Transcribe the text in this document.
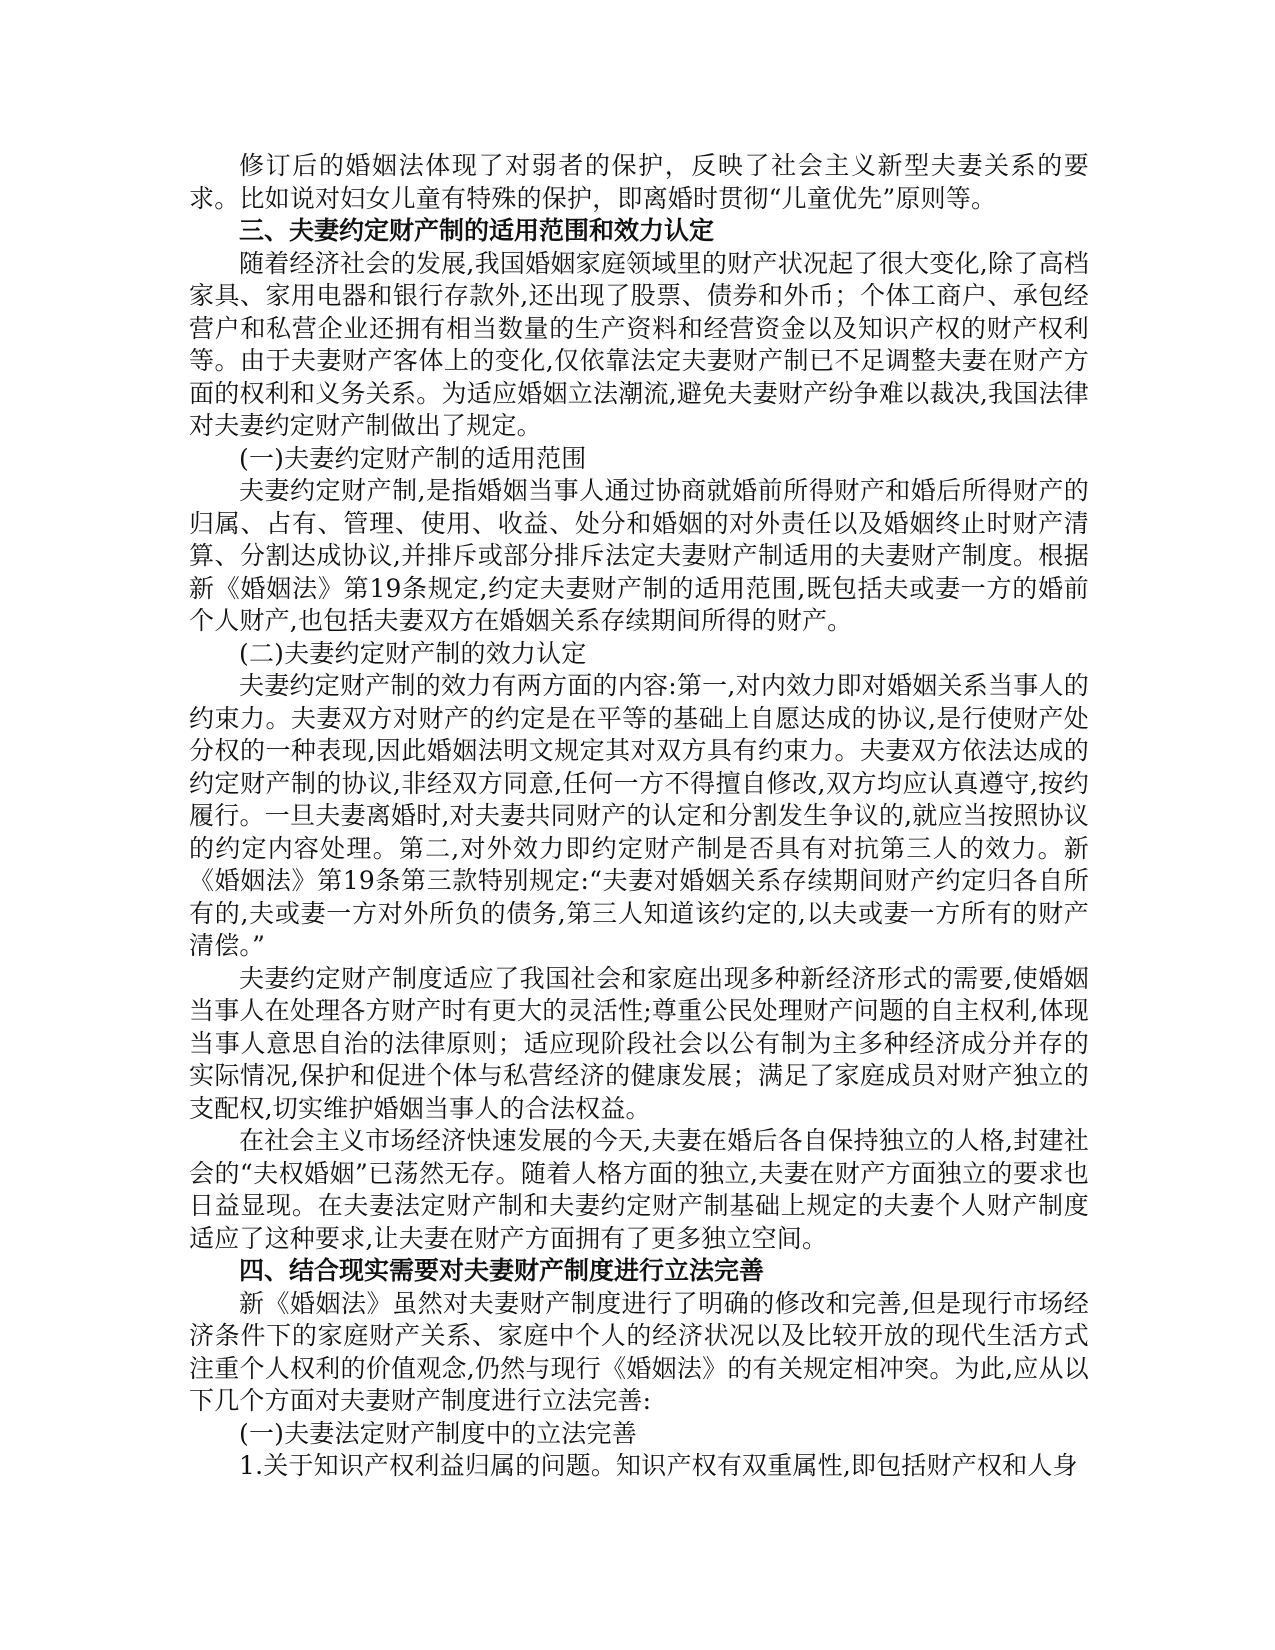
修订后的婚姻法体现了对弱者的保护，反映了社会主义新型夫妻关系的要求。比如说对妇女儿童有特殊的保护，即离婚时贯彻“儿童优先”原则等。

三、夫妻约定财产制的适用范围和效力认定

随着经济社会的发展,我国婚姻家庭领域里的财产状况起了很大变化,除了高档家具、家用电器和银行存款外,还出现了股票、债券和外币；个体工商户、承包经营户和私营企业还拥有相当数量的生产资料和经营资金以及知识产权的财产权利等。由于夫妻财产客体上的变化,仅依靠法定夫妻财产制已不足调整夫妻在财产方面的权利和义务关系。为适应婚姻立法潮流,避免夫妻财产纷争难以裁决,我国法律对夫妻约定财产制做出了规定。

(一)夫妻约定财产制的适用范围

夫妻约定财产制,是指婚姻当事人通过协商就婚前所得财产和婚后所得财产的归属、占有、管理、使用、收益、处分和婚姻的对外责任以及婚姻终止时财产清算、分割达成协议,并排斥或部分排斥法定夫妻财产制适用的夫妻财产制度。根据新《婚姻法》第19条规定,约定夫妻财产制的适用范围,既包括夫或妻一方的婚前个人财产,也包括夫妻双方在婚姻关系存续期间所得的财产。

(二)夫妻约定财产制的效力认定

夫妻约定财产制的效力有两方面的内容:第一,对内效力即对婚姻关系当事人的约束力。夫妻双方对财产的约定是在平等的基础上自愿达成的协议,是行使财产处分权的一种表现,因此婚姻法明文规定其对双方具有约束力。夫妻双方依法达成的约定财产制的协议,非经双方同意,任何一方不得擅自修改,双方均应认真遵守,按约履行。一旦夫妻离婚时,对夫妻共同财产的认定和分割发生争议的,就应当按照协议的约定内容处理。第二,对外效力即约定财产制是否具有对抗第三人的效力。新《婚姻法》第19条第三款特别规定:“夫妻对婚姻关系存续期间财产约定归各自所有的,夫或妻一方对外所负的债务,第三人知道该约定的,以夫或妻一方所有的财产清偿。”

夫妻约定财产制度适应了我国社会和家庭出现多种新经济形式的需要,使婚姻当事人在处理各方财产时有更大的灵活性;尊重公民处理财产问题的自主权利,体现当事人意思自治的法律原则；适应现阶段社会以公有制为主多种经济成分并存的实际情况,保护和促进个体与私营经济的健康发展；满足了家庭成员对财产独立的支配权,切实维护婚姻当事人的合法权益。

在社会主义市场经济快速发展的今天,夫妻在婚后各自保持独立的人格,封建社会的“夫权婚姻”已荡然无存。随着人格方面的独立,夫妻在财产方面独立的要求也日益显现。在夫妻法定财产制和夫妻约定财产制基础上规定的夫妻个人财产制度适应了这种要求,让夫妻在财产方面拥有了更多独立空间。

四、结合现实需要对夫妻财产制度进行立法完善

新《婚姻法》虽然对夫妻财产制度进行了明确的修改和完善,但是现行市场经济条件下的家庭财产关系、家庭中个人的经济状况以及比较开放的现代生活方式注重个人权利的价值观念,仍然与现行《婚姻法》的有关规定相冲突。为此,应从以下几个方面对夫妻财产制度进行立法完善:

(一)夫妻法定财产制度中的立法完善

1.关于知识产权利益归属的问题。知识产权有双重属性,即包括财产权和人身
